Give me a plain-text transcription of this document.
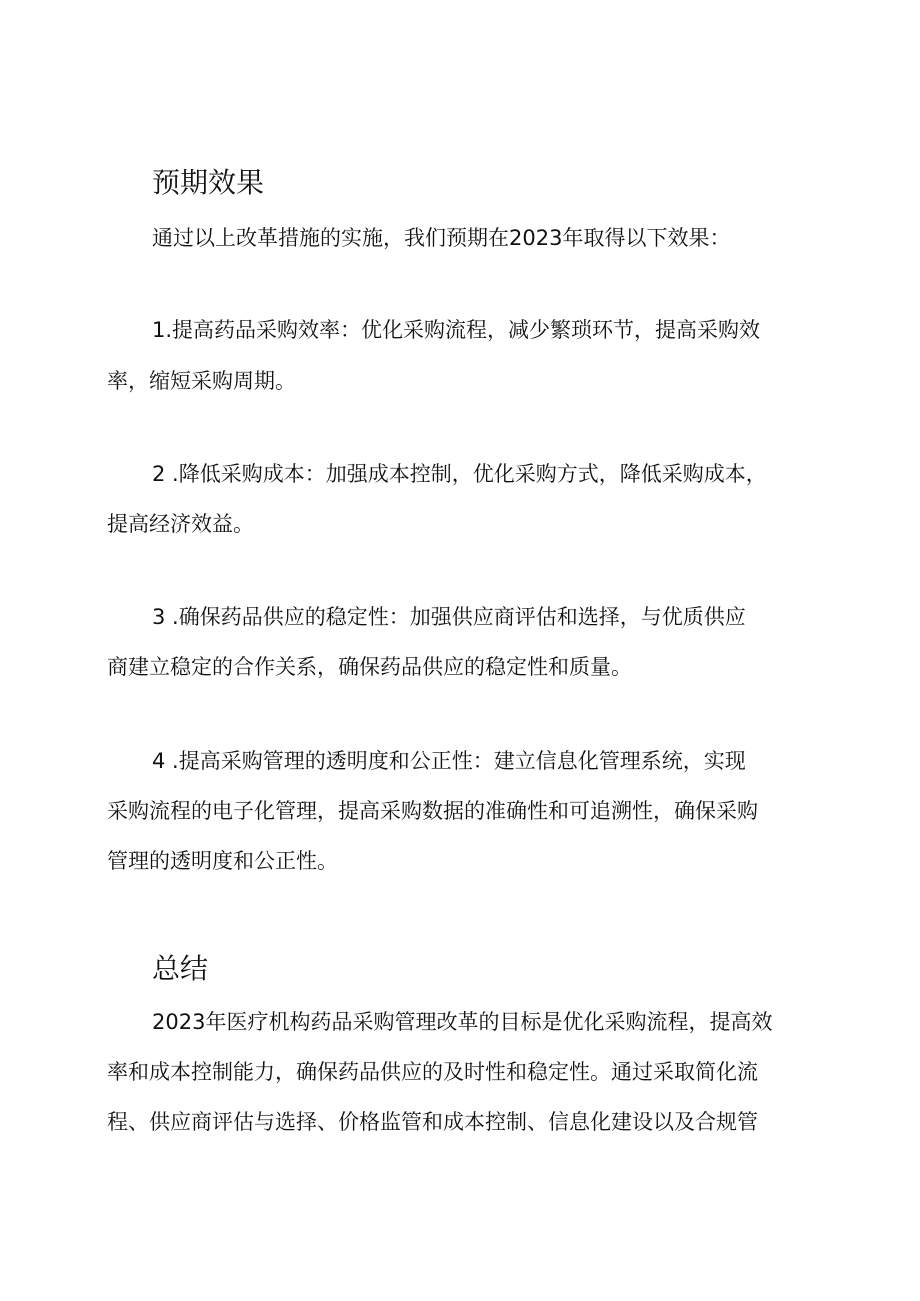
预期效果

通过以上改革措施的实施，我们预期在2023年取得以下效果：

1.提高药品采购效率：优化采购流程，减少繁琐环节，提高采购效

率，缩短采购周期。

2 .降低采购成本：加强成本控制，优化采购方式，降低采购成本，

提高经济效益。

3 .确保药品供应的稳定性：加强供应商评估和选择，与优质供应

商建立稳定的合作关系，确保药品供应的稳定性和质量。

4 .提高采购管理的透明度和公正性：建立信息化管理系统，实现

采购流程的电子化管理，提高采购数据的准确性和可追溯性，确保采购

管理的透明度和公正性。

总结

2023年医疗机构药品采购管理改革的目标是优化采购流程，提高效

率和成本控制能力，确保药品供应的及时性和稳定性。通过采取简化流

程、供应商评估与选择、价格监管和成本控制、信息化建设以及合规管
